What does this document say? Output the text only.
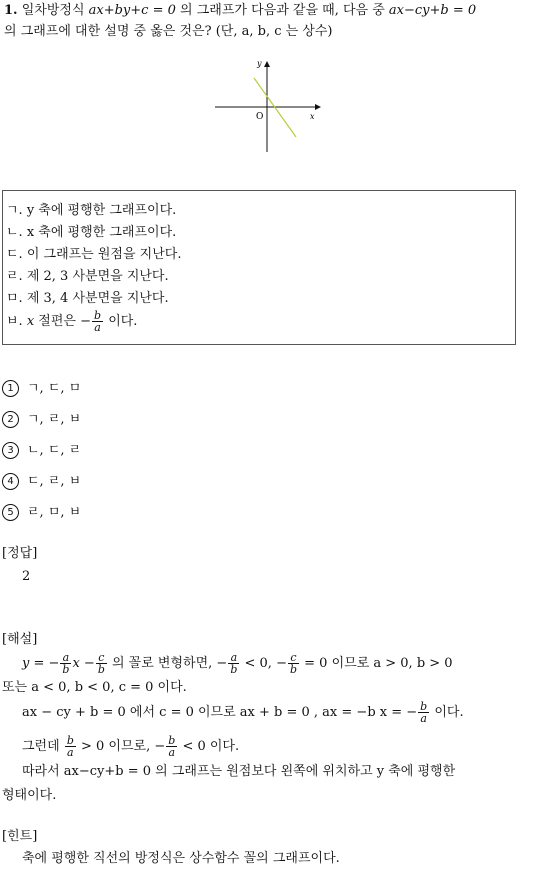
1. 일차방정식 ax+by+c = 0 의 그래프가 다음과 같을 때, 다음 중 ax−cy+b = 0
의 그래프에 대한 설명 중 옳은 것은? (단, a, b, c 는 상수)
y
x
O
ㄱ. y 축에 평행한 그래프이다.
ㄴ. x 축에 평행한 그래프이다.
ㄷ. 이 그래프는 원점을 지난다.
ㄹ. 제 2, 3 사분면을 지난다.
ㅁ. 제 3, 4 사분면을 지난다.
ㅂ. x 절편은 − $\frac{b}{a}$ 이다.
1 ㄱ, ㄷ, ㅁ
2 ㄱ, ㄹ, ㅂ
3 ㄴ, ㄷ, ㄹ
4 ㄷ, ㄹ, ㅂ
5 ㄹ, ㅁ, ㅂ
[정답]
2
[해설]
y = − $\frac{a}{b}$ $x - \frac{c}{b}$ 의 꼴로 변형하면, − $\frac{a}{b} < 0$, − $\frac{c}{b} = 0$ 이므로 a > 0, b > 0
또는 a < 0, b < 0, c = 0 이다.
ax − cy + b = 0 에서 c = 0 이므로 ax + b = 0 , ax = −b x = − $\frac{b}{a}$ 이다.
그런데 $\frac{b}{a} > 0$ 이므로, − $\frac{b}{a} < 0$ 이다.
따라서 ax−cy+b = 0 의 그래프는 원점보다 왼쪽에 위치하고 y 축에 평행한
형태이다.
[힌트]
축에 평행한 직선의 방정식은 상수함수 꼴의 그래프이다.
